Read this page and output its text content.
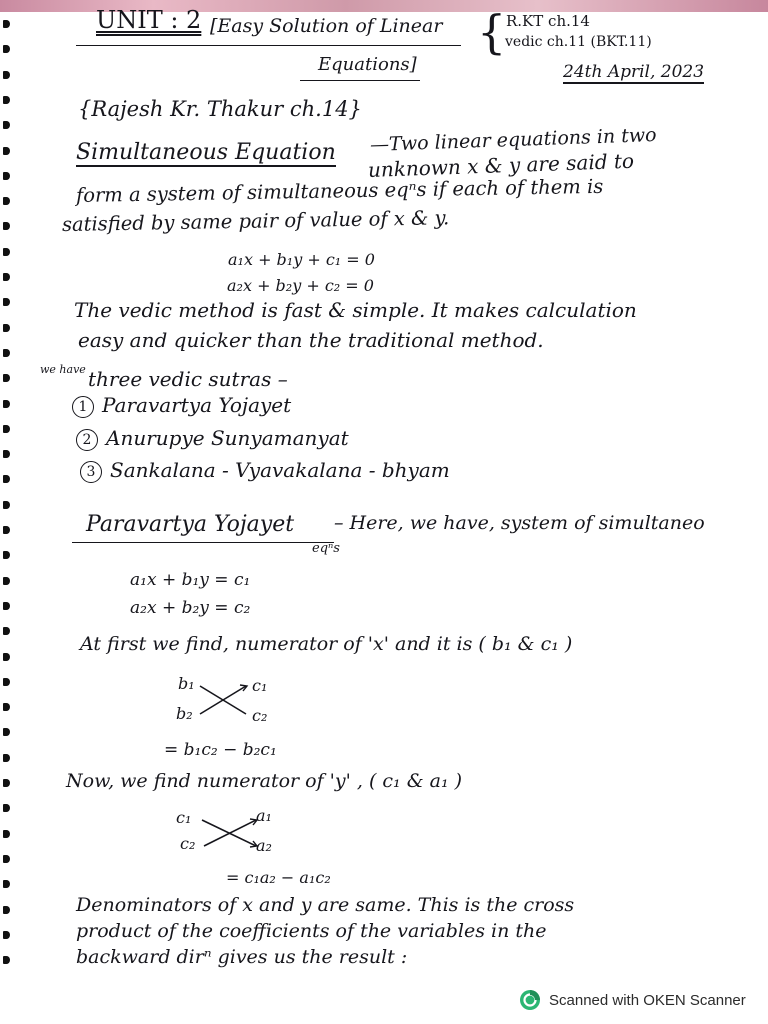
UNIT : 2 [Easy Solution of Linear { R.KT ch.14
vedic ch.11 (BKT.11)
Equations]	24th April, 2023
{Rajesh Kr. Thakur ch.14}
Simultaneous Equation —Two linear equations in two
unknown x & y are said to
form a system of simultaneous eqⁿs if each of them is
satisfied by same pair of value of x & y.
a₁x + b₁y + c₁ = 0
a₂x + b₂y + c₂ = 0
The vedic method is fast & simple. It makes calculation
easy and quicker than the traditional method.
we have three vedic sutras –
1 Paravartya Yojayet
2 Anurupye Sunyamanyat
3 Sankalana - Vyavakalana - bhyam
Paravartya Yojayet – Here, we have, system of simultaneo
eqⁿs
a₁x + b₁y = c₁
a₂x + b₂y = c₂
At first we find, numerator of 'x' and it is ( b₁ & c₁ )
b₁	c₁
b₂	c₂
= b₁c₂ − b₂c₁
Now, we find numerator of 'y' , ( c₁ & a₁ )
c₁	a₁
c₂	a₂
= c₁a₂ − a₁c₂
Denominators of x and y are same. This is the cross
product of the coefficients of the variables in the
backward dirⁿ gives us the result :
Scanned with OKEN Scanner
